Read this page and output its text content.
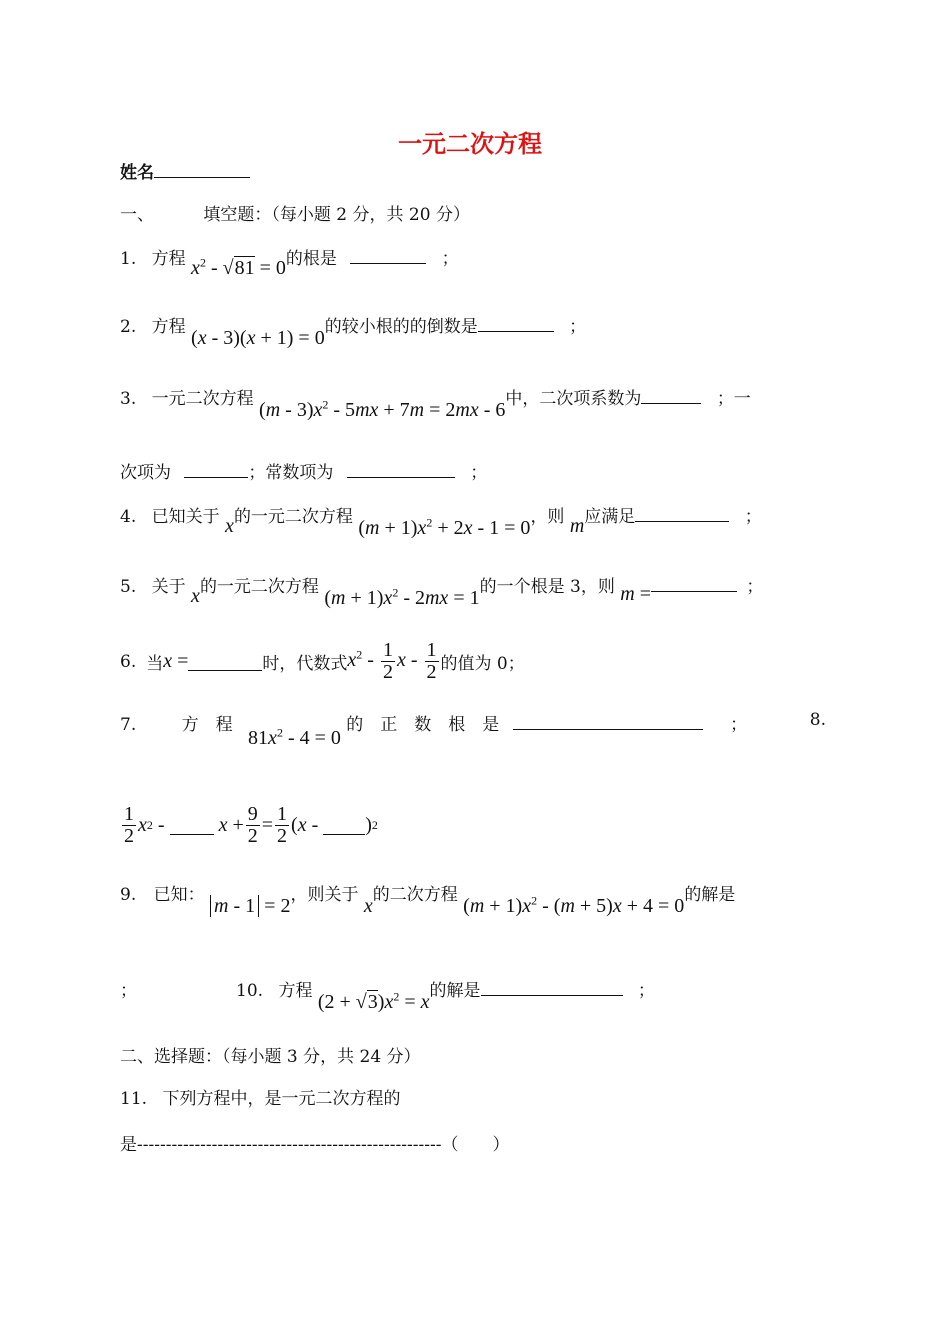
一元二次方程
姓名
一、	填空题：（每小题 2 分，共 20 分）
1. 方程 $x^2 - √81 = 0$的根是	；
2. 方程 (x - 3)(x + 1) = 0的较小根的的倒数是	；
3. 一元二次方程 $(m - 3)x^2 - 5mx + 7m = 2mx - 6$中，二次项系数为	；一
次项为	；常数项为	；
4. 已知关于 x的一元二次方程 $(m + 1)x^2 + 2x - 1 = 0$，则 m应满足	；
5. 关于 x的一元二次方程 $(m + 1)x^2 - 2mx = 1$的一个根是 3，则 m =	；
6. 当 x =	时，代数式 $x^2 - \frac{1}{2}$ x - $\frac{1}{2}$ 的值为 0；
7.	方　程 $81x^2 - 4 = 0$ 的　正　数　根　是	；	8.
$\frac{1}{2}$ x 2 -
$x + \frac{9}{2} = \frac{1}{2}$ ( x -
) 2
9. 已知： m - 1 = 2，则关于 x的二次方程 $(m + 1)x^2 - (m + 5)x + 4 = 0$的解是
；	10. 方程 $(2 + √3)x^2 = x$的解是	；
二、选择题：（每小题 3 分，共 24 分）
11. 下列方程中，是一元二次方程的
是-----------------------------------------------------（　　）
